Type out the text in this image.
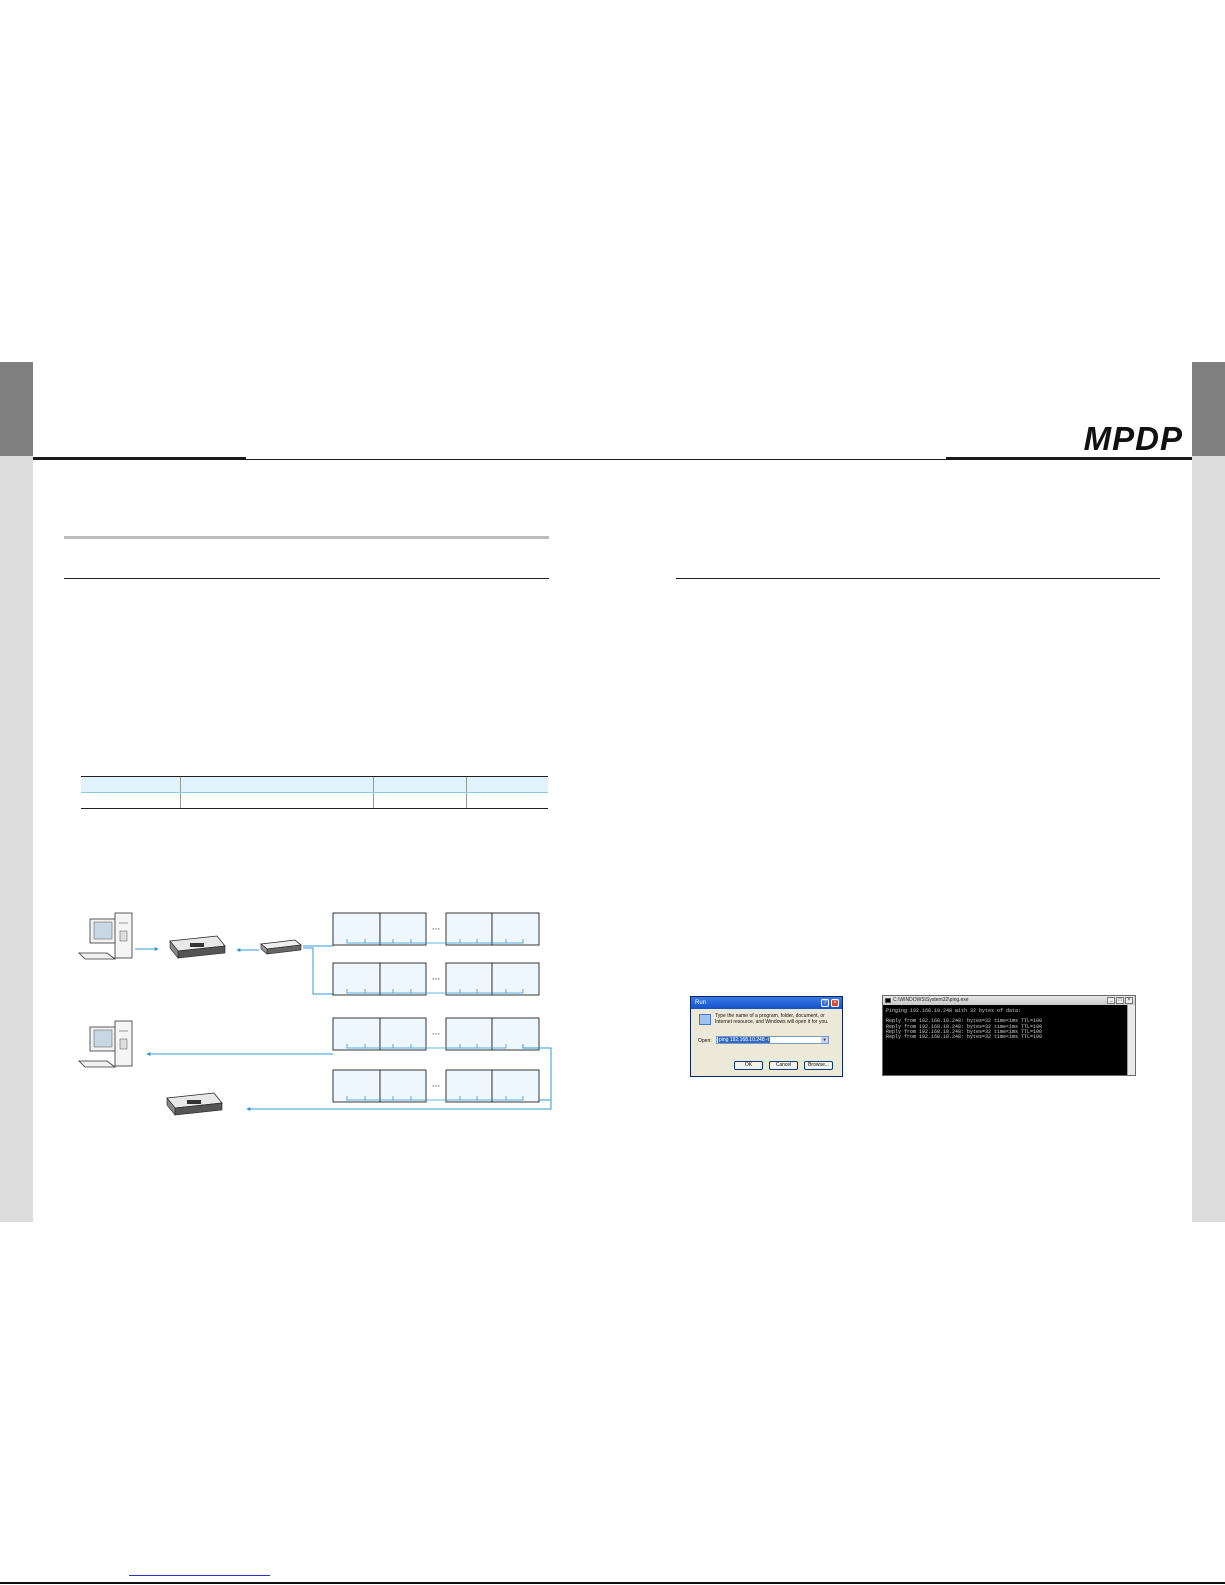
MPDP

···
···
···
···
Run	?	×
Type the name of a program, folder, document, or Internet resource, and Windows will open it for you.
Open: ping 192.168.10.248 -t	▼
OK	Cancel	Browse...
C:\WINDOWS\System32\ping.exe	_	□	×
Pinging 192.168.10.248 with 32 bytes of data:

Reply from 192.168.10.248: bytes=32 time<1ms TTL=100
Reply from 192.168.10.248: bytes=32 time<1ms TTL=100
Reply from 192.168.10.248: bytes=32 time<1ms TTL=100
Reply from 192.168.10.248: bytes=32 time<1ms TTL=100
